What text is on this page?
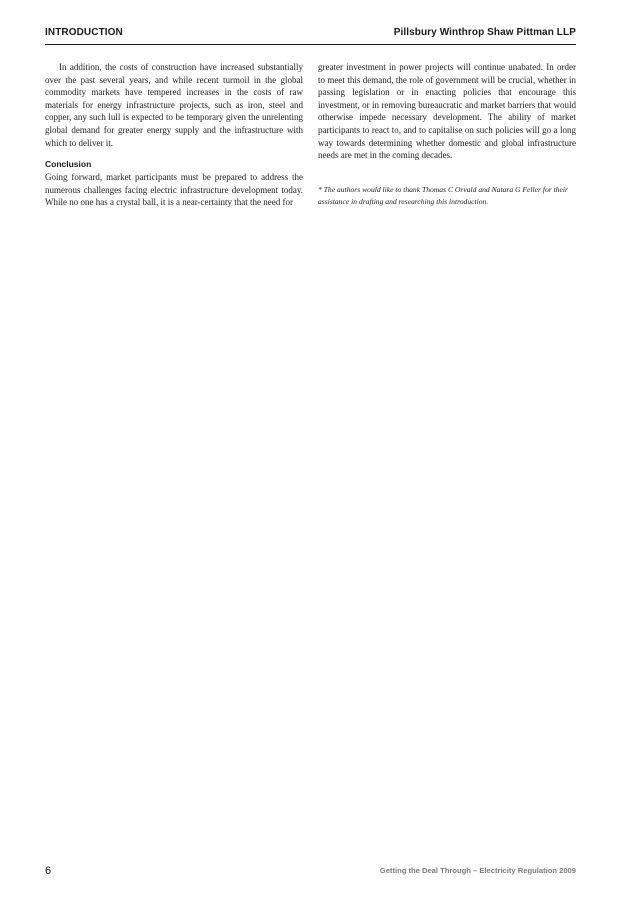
INTRODUCTION	Pillsbury Winthrop Shaw Pittman LLP

In addition, the costs of construction have increased substantially over the past several years, and while recent turmoil in the global commodity markets have tempered increases in the costs of raw materials for energy infrastructure projects, such as iron, steel and copper, any such lull is expected to be temporary given the unrelenting global demand for greater energy supply and the infrastructure with which to deliver it.

Conclusion

Going forward, market participants must be prepared to address the numerous challenges facing electric infrastructure development today. While no one has a crystal ball, it is a near-certainty that the need for

greater investment in power projects will continue unabated. In order to meet this demand, the role of government will be crucial, whether in passing legislation or in enacting policies that encourage this investment, or in removing bureaucratic and market barriers that would otherwise impede necessary development. The ability of market participants to react to, and to capitalise on such policies will go a long way towards determining whether domestic and global infrastructure needs are met in the coming decades.

* The authors would like to thank Thomas C Orvald and Natara G Feller for their assistance in drafting and researching this introduction.

6	Getting the Deal Through – Electricity Regulation 2009
